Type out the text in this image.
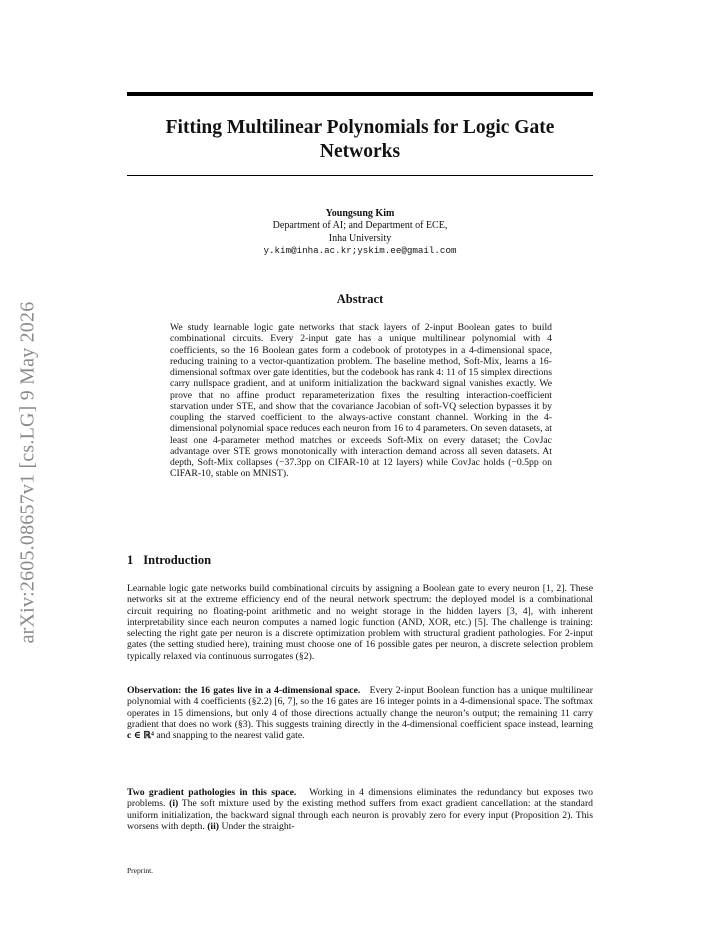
arXiv:2605.08657v1 [cs.LG] 9 May 2026
Fitting Multilinear Polynomials for Logic Gate Networks
Youngsung Kim
Department of AI; and Department of ECE,
Inha University
y.kim@inha.ac.kr;yskim.ee@gmail.com
Abstract

We study learnable logic gate networks that stack layers of 2-input Boolean gates to build combinational circuits. Every 2-input gate has a unique multilinear polynomial with 4 coefficients, so the 16 Boolean gates form a codebook of prototypes in a 4-dimensional space, reducing training to a vector-quantization problem. The baseline method, Soft-Mix, learns a 16-dimensional softmax over gate identities, but the codebook has rank 4: 11 of 15 simplex directions carry nullspace gradient, and at uniform initialization the backward signal vanishes exactly. We prove that no affine product reparameterization fixes the resulting interaction-coefficient starvation under STE, and show that the covariance Jacobian of soft-VQ selection bypasses it by coupling the starved coefficient to the always-active constant channel. Working in the 4-dimensional polynomial space reduces each neuron from 16 to 4 parameters. On seven datasets, at least one 4-parameter method matches or exceeds Soft-Mix on every dataset; the CovJac advantage over STE grows monotonically with interaction demand across all seven datasets. At depth, Soft-Mix collapses (−37.3pp on CIFAR-10 at 12 layers) while CovJac holds (−0.5pp on CIFAR-10, stable on MNIST).

1 Introduction

Learnable logic gate networks build combinational circuits by assigning a Boolean gate to every neuron [1, 2]. These networks sit at the extreme efficiency end of the neural network spectrum: the deployed model is a combinational circuit requiring no floating-point arithmetic and no weight storage in the hidden layers [3, 4], with inherent interpretability since each neuron computes a named logic function (AND, XOR, etc.) [5]. The challenge is training: selecting the right gate per neuron is a discrete optimization problem with structural gradient pathologies. For 2-input gates (the setting studied here), training must choose one of 16 possible gates per neuron, a discrete selection problem typically relaxed via continuous surrogates (§2).

Observation: the 16 gates live in a 4-dimensional space. Every 2-input Boolean function has a unique multilinear polynomial with 4 coefficients (§2.2) [6, 7], so the 16 gates are 16 integer points in a 4-dimensional space. The softmax operates in 15 dimensions, but only 4 of those directions actually change the neuron’s output; the remaining 11 carry gradient that does no work (§3). This suggests training directly in the 4-dimensional coefficient space instead, learning c ∈ ℝ⁴ and snapping to the nearest valid gate.

Two gradient pathologies in this space. Working in 4 dimensions eliminates the redundancy but exposes two problems. (i) The soft mixture used by the existing method suffers from exact gradient cancellation: at the standard uniform initialization, the backward signal through each neuron is provably zero for every input (Proposition 2). This worsens with depth. (ii) Under the straight-

Preprint.
